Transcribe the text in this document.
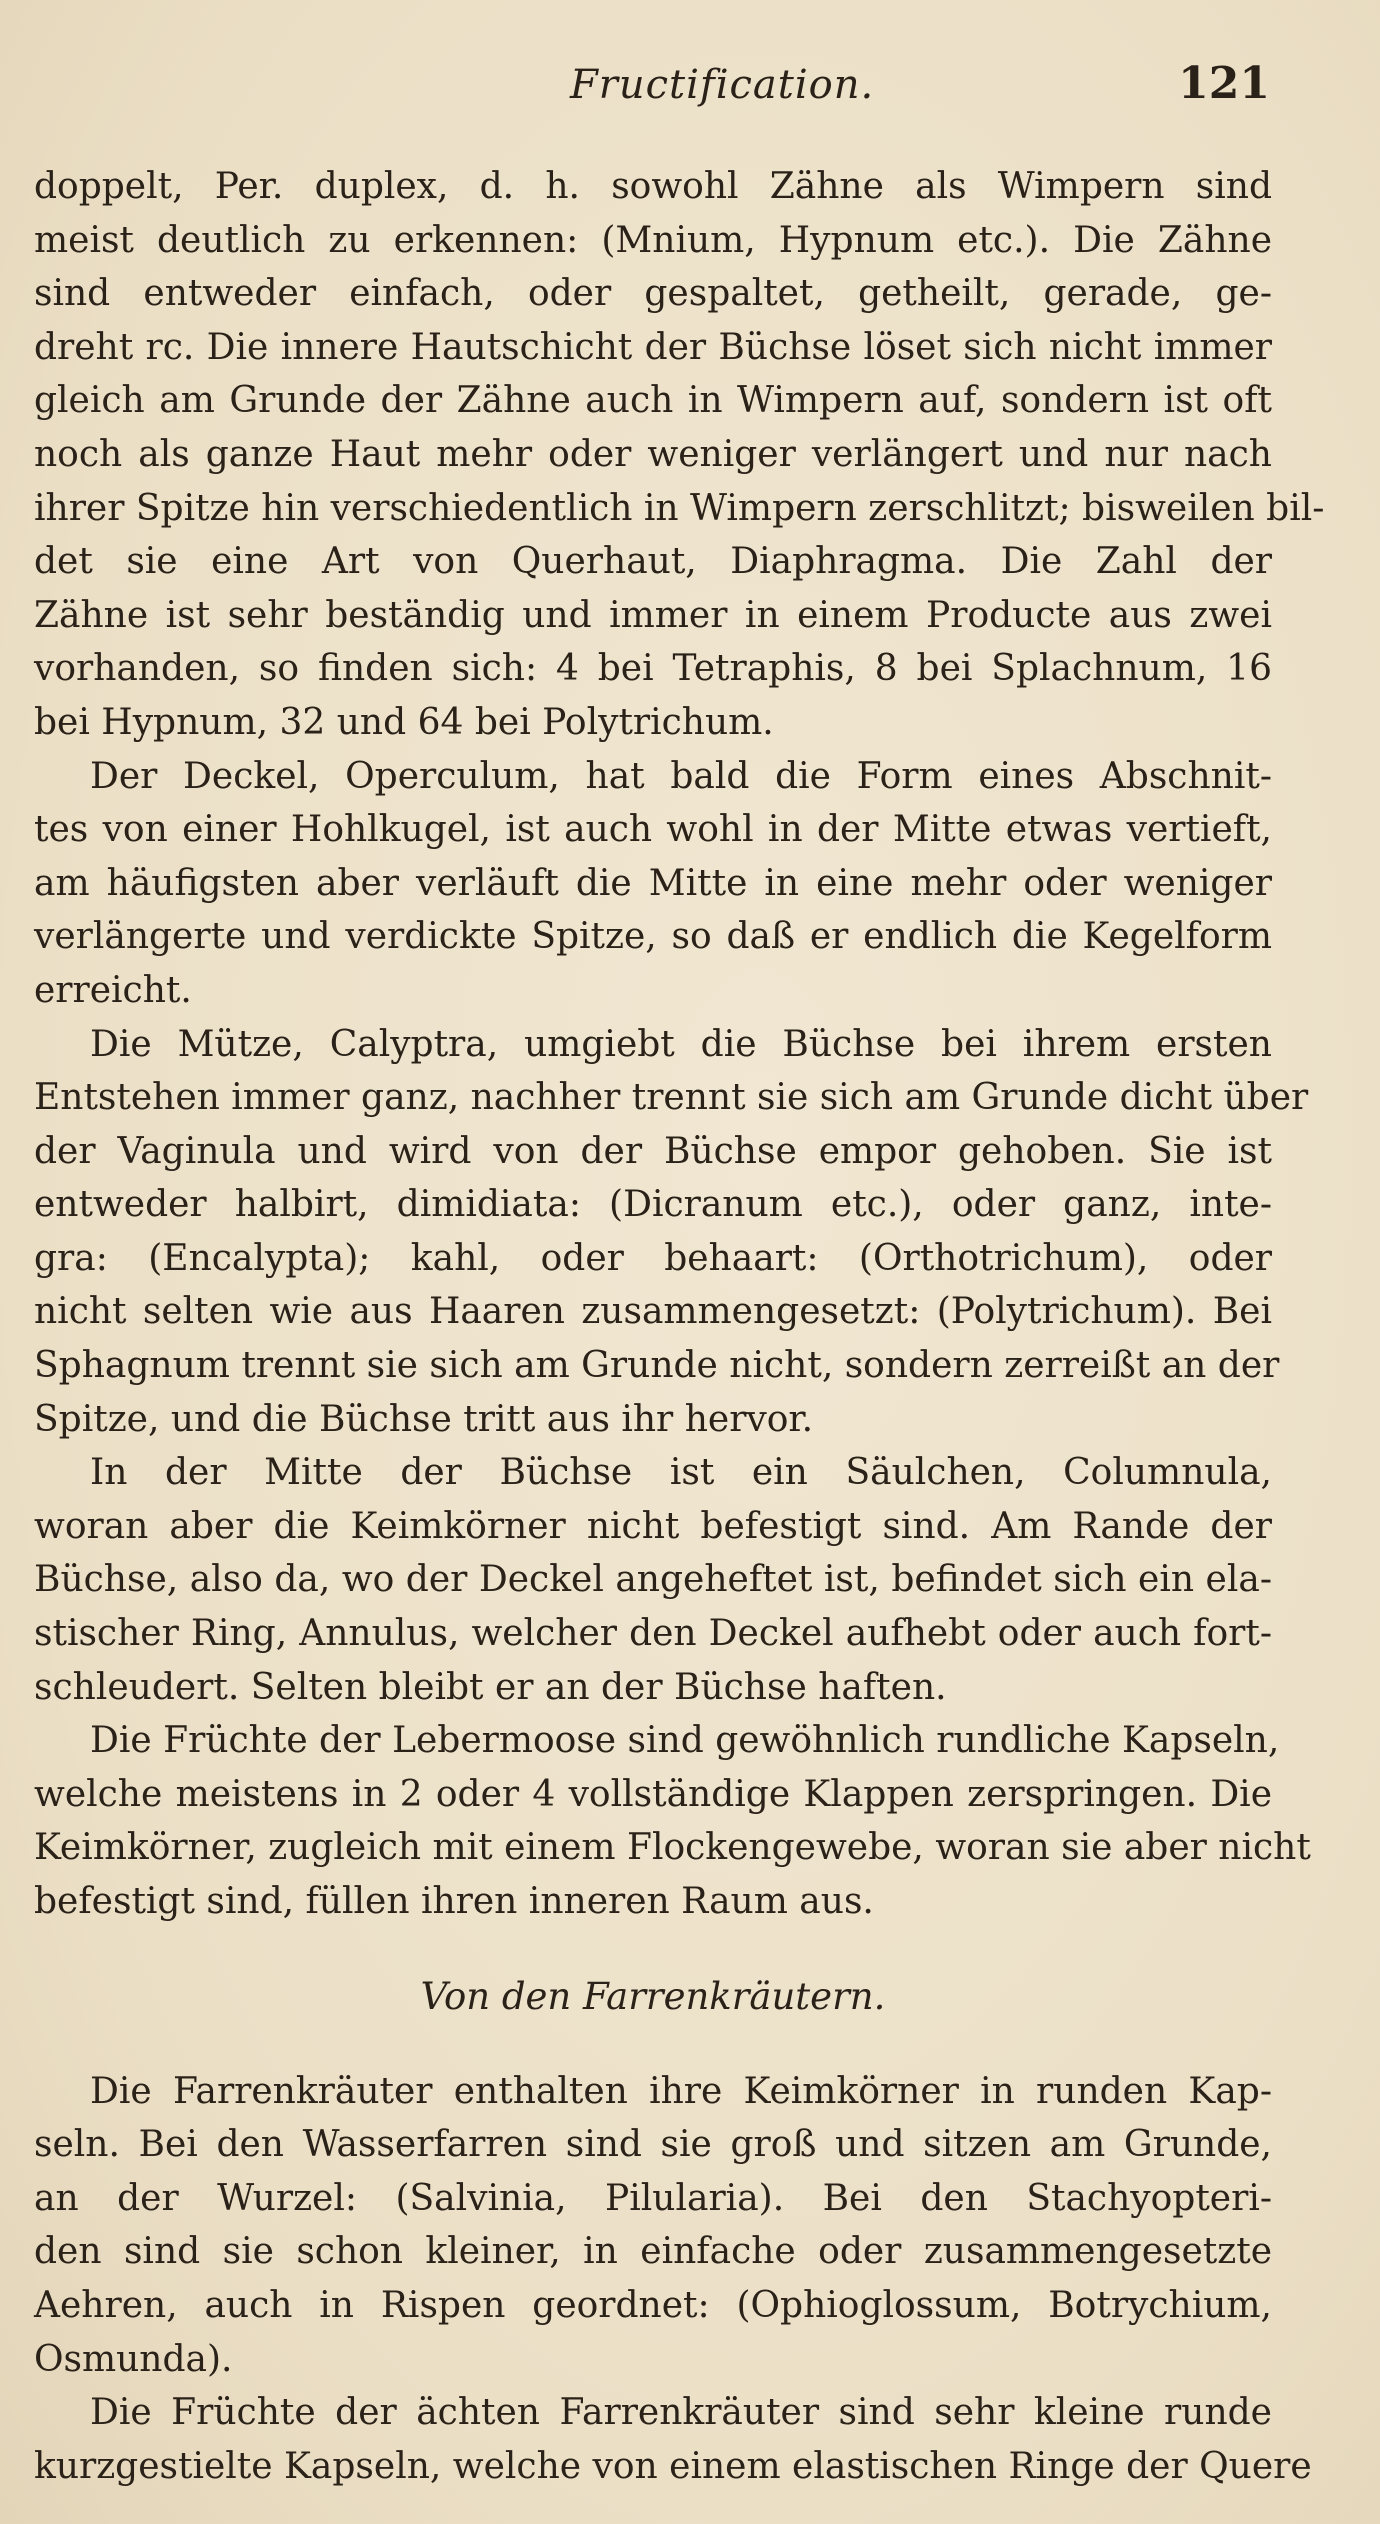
Fructification.	121
doppelt, Per. duplex, d. h. sowohl Zähne als Wimpern sind
meist deutlich zu erkennen: (Mnium, Hypnum etc.). Die Zähne
sind entweder einfach, oder gespaltet, getheilt, gerade, ge-
dreht rc. Die innere Hautschicht der Büchse löset sich nicht immer
gleich am Grunde der Zähne auch in Wimpern auf, sondern ist oft
noch als ganze Haut mehr oder weniger verlängert und nur nach
ihrer Spitze hin verschiedentlich in Wimpern zerschlitzt; bisweilen bil-
det sie eine Art von Querhaut, Diaphragma. Die Zahl der
Zähne ist sehr beständig und immer in einem Producte aus zwei
vorhanden, so finden sich: 4 bei Tetraphis, 8 bei Splachnum, 16
bei Hypnum, 32 und 64 bei Polytrichum.
Der Deckel, Operculum, hat bald die Form eines Abschnit-
tes von einer Hohlkugel, ist auch wohl in der Mitte etwas vertieft,
am häufigsten aber verläuft die Mitte in eine mehr oder weniger
verlängerte und verdickte Spitze, so daß er endlich die Kegelform
erreicht.
Die Mütze, Calyptra, umgiebt die Büchse bei ihrem ersten
Entstehen immer ganz, nachher trennt sie sich am Grunde dicht über
der Vaginula und wird von der Büchse empor gehoben. Sie ist
entweder halbirt, dimidiata: (Dicranum etc.), oder ganz, inte-
gra: (Encalypta); kahl, oder behaart: (Orthotrichum), oder
nicht selten wie aus Haaren zusammengesetzt: (Polytrichum). Bei
Sphagnum trennt sie sich am Grunde nicht, sondern zerreißt an der
Spitze, und die Büchse tritt aus ihr hervor.
In der Mitte der Büchse ist ein Säulchen, Columnula,
woran aber die Keimkörner nicht befestigt sind. Am Rande der
Büchse, also da, wo der Deckel angeheftet ist, befindet sich ein ela-
stischer Ring, Annulus, welcher den Deckel aufhebt oder auch fort-
schleudert. Selten bleibt er an der Büchse haften.
Die Früchte der Lebermoose sind gewöhnlich rundliche Kapseln,
welche meistens in 2 oder 4 vollständige Klappen zerspringen. Die
Keimkörner, zugleich mit einem Flockengewebe, woran sie aber nicht
befestigt sind, füllen ihren inneren Raum aus.
Von den Farrenkräutern.
Die Farrenkräuter enthalten ihre Keimkörner in runden Kap-
seln. Bei den Wasserfarren sind sie groß und sitzen am Grunde,
an der Wurzel: (Salvinia, Pilularia). Bei den Stachyopteri-
den sind sie schon kleiner, in einfache oder zusammengesetzte
Aehren, auch in Rispen geordnet: (Ophioglossum, Botrychium,
Osmunda).
Die Früchte der ächten Farrenkräuter sind sehr kleine runde
kurzgestielte Kapseln, welche von einem elastischen Ringe der Quere
